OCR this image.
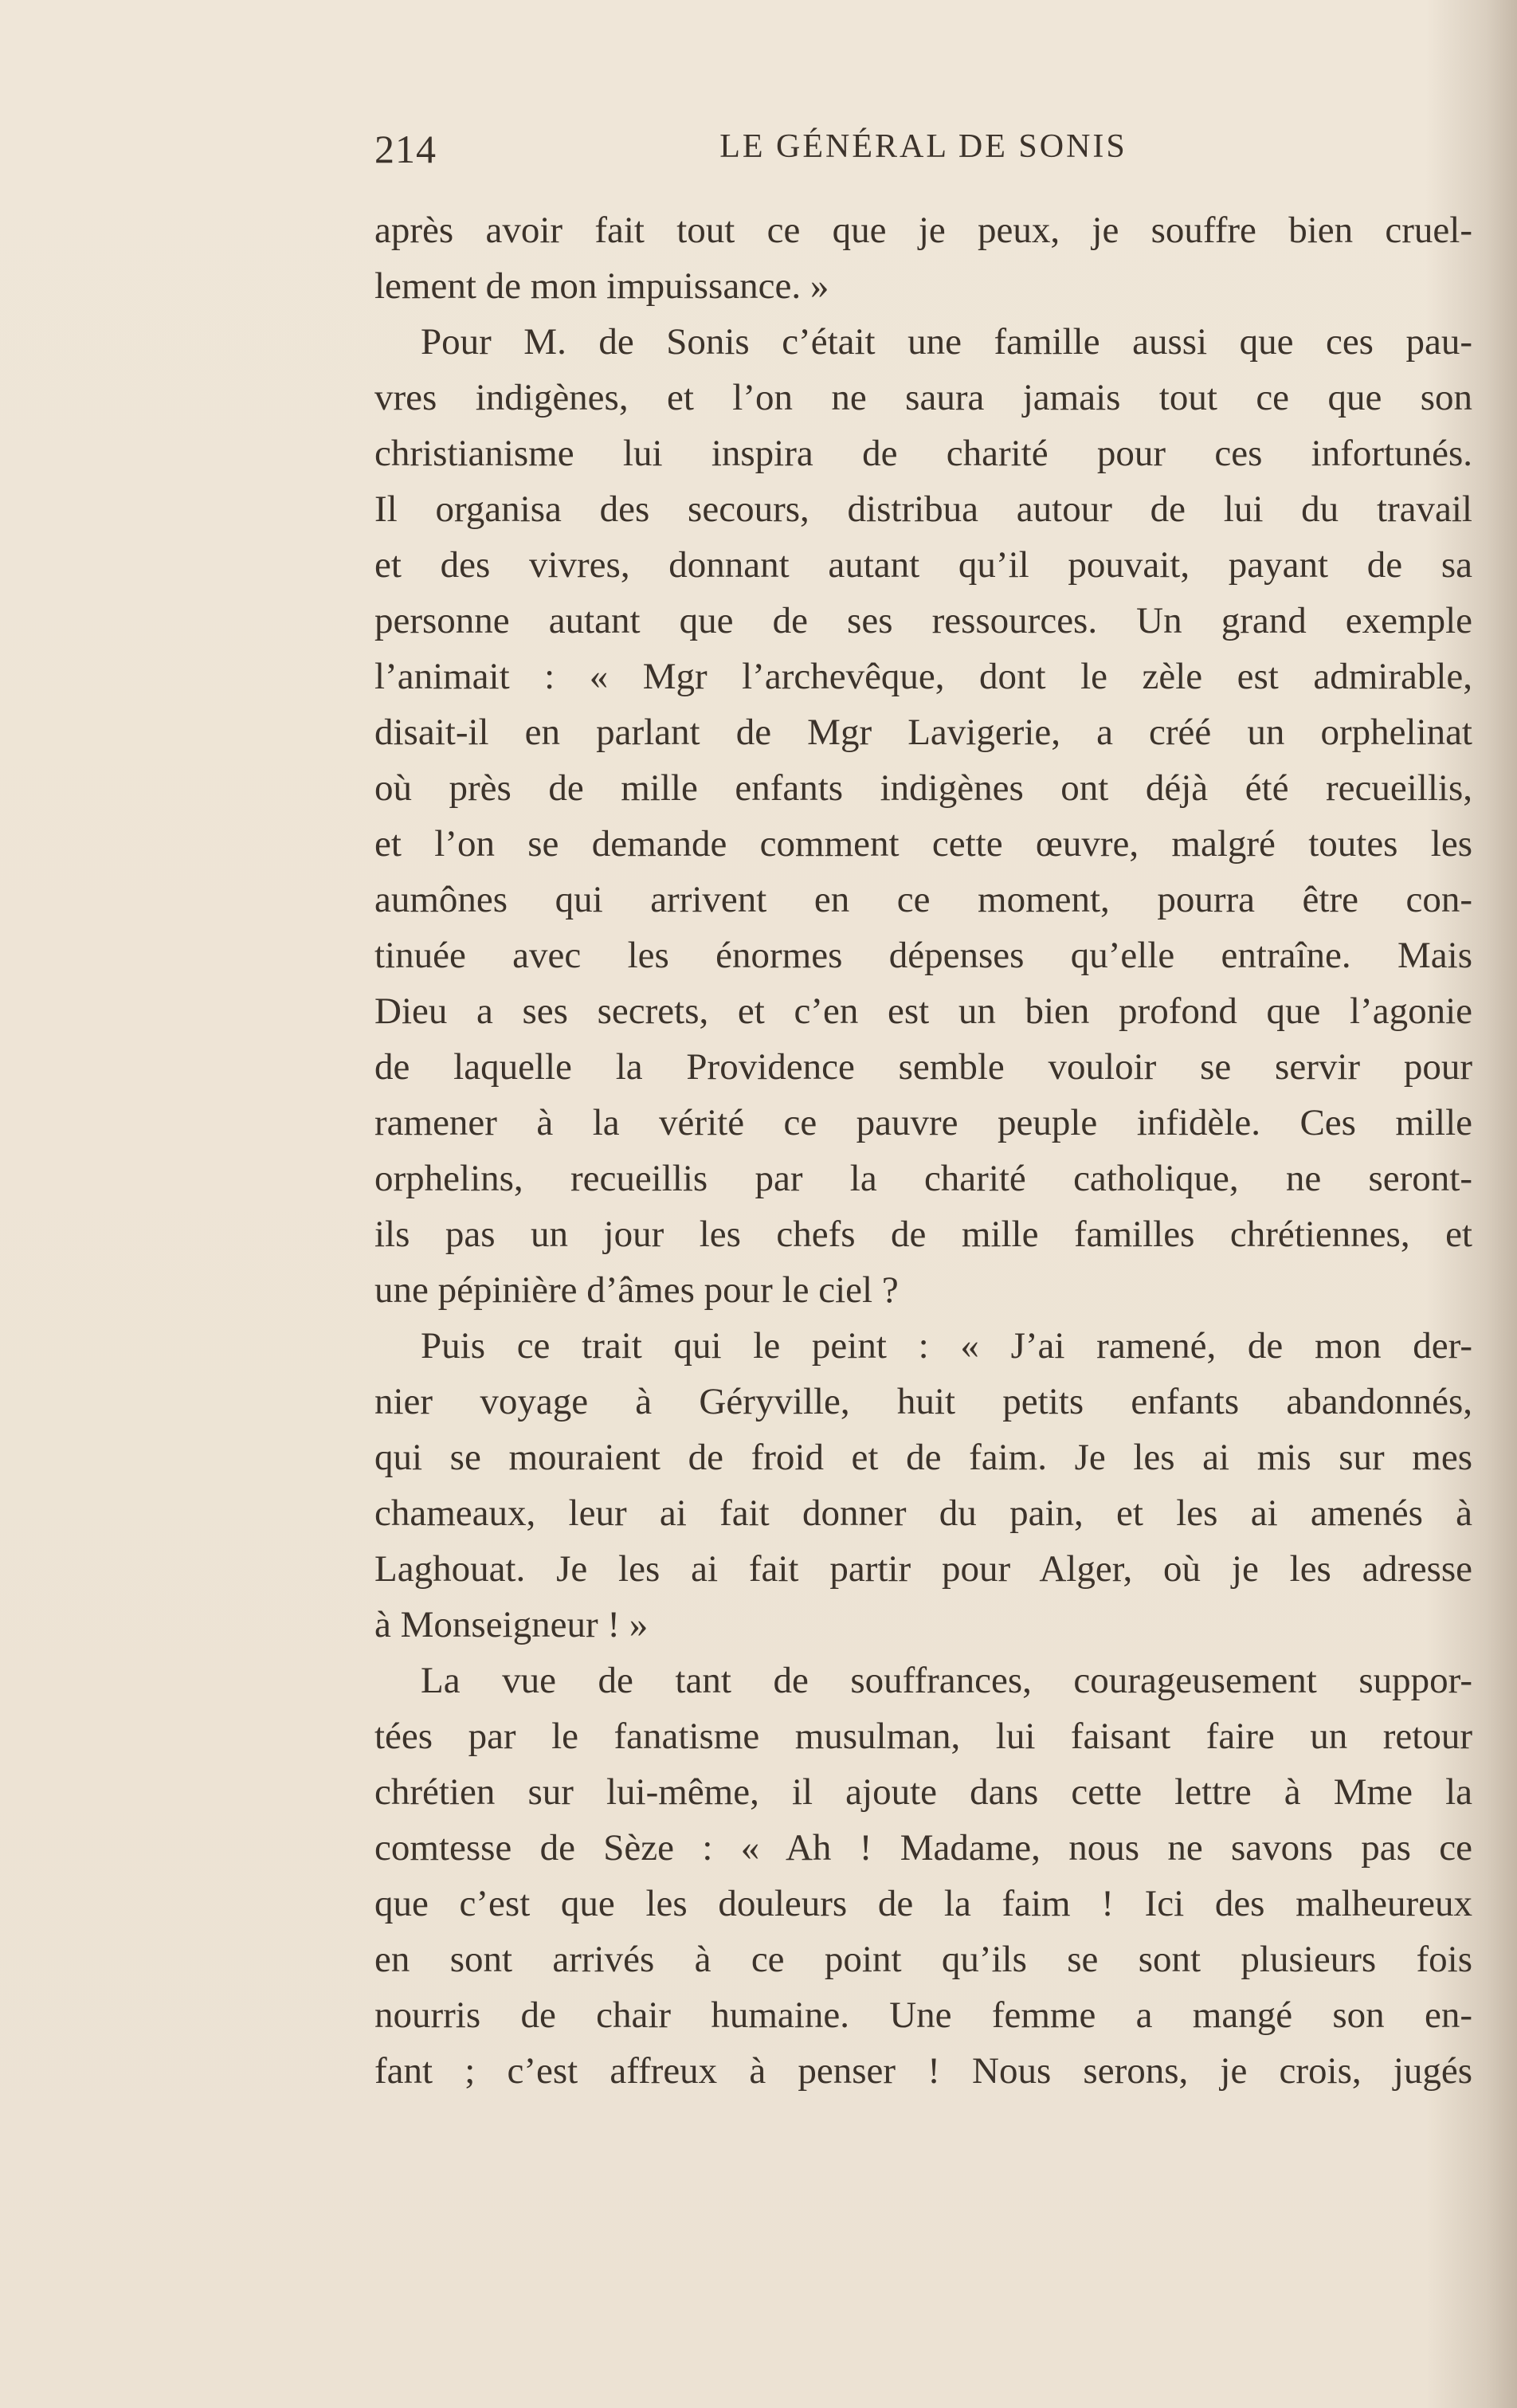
214	LE GÉNÉRAL DE SONIS
après avoir fait tout ce que je peux, je souffre bien cruel-
lement de mon impuissance. »
Pour M. de Sonis c’était une famille aussi que ces pau-
vres indigènes, et l’on ne saura jamais tout ce que son
christianisme lui inspira de charité pour ces infortunés.
Il organisa des secours, distribua autour de lui du travail
et des vivres, donnant autant qu’il pouvait, payant de sa
personne autant que de ses ressources. Un grand exemple
l’animait : « Mgr l’archevêque, dont le zèle est admirable,
disait-il en parlant de Mgr Lavigerie, a créé un orphelinat
où près de mille enfants indigènes ont déjà été recueillis,
et l’on se demande comment cette œuvre, malgré toutes les
aumônes qui arrivent en ce moment, pourra être con-
tinuée avec les énormes dépenses qu’elle entraîne. Mais
Dieu a ses secrets, et c’en est un bien profond que l’agonie
de laquelle la Providence semble vouloir se servir pour
ramener à la vérité ce pauvre peuple infidèle. Ces mille
orphelins, recueillis par la charité catholique, ne seront-
ils pas un jour les chefs de mille familles chrétiennes, et
une pépinière d’âmes pour le ciel ?
Puis ce trait qui le peint : « J’ai ramené, de mon der-
nier voyage à Géryville, huit petits enfants abandonnés,
qui se mouraient de froid et de faim. Je les ai mis sur mes
chameaux, leur ai fait donner du pain, et les ai amenés à
Laghouat. Je les ai fait partir pour Alger, où je les adresse
à Monseigneur ! »
La vue de tant de souffrances, courageusement suppor-
tées par le fanatisme musulman, lui faisant faire un retour
chrétien sur lui-même, il ajoute dans cette lettre à Mme la
comtesse de Sèze : « Ah ! Madame, nous ne savons pas ce
que c’est que les douleurs de la faim ! Ici des malheureux
en sont arrivés à ce point qu’ils se sont plusieurs fois
nourris de chair humaine. Une femme a mangé son en-
fant ; c’est affreux à penser ! Nous serons, je crois, jugés
